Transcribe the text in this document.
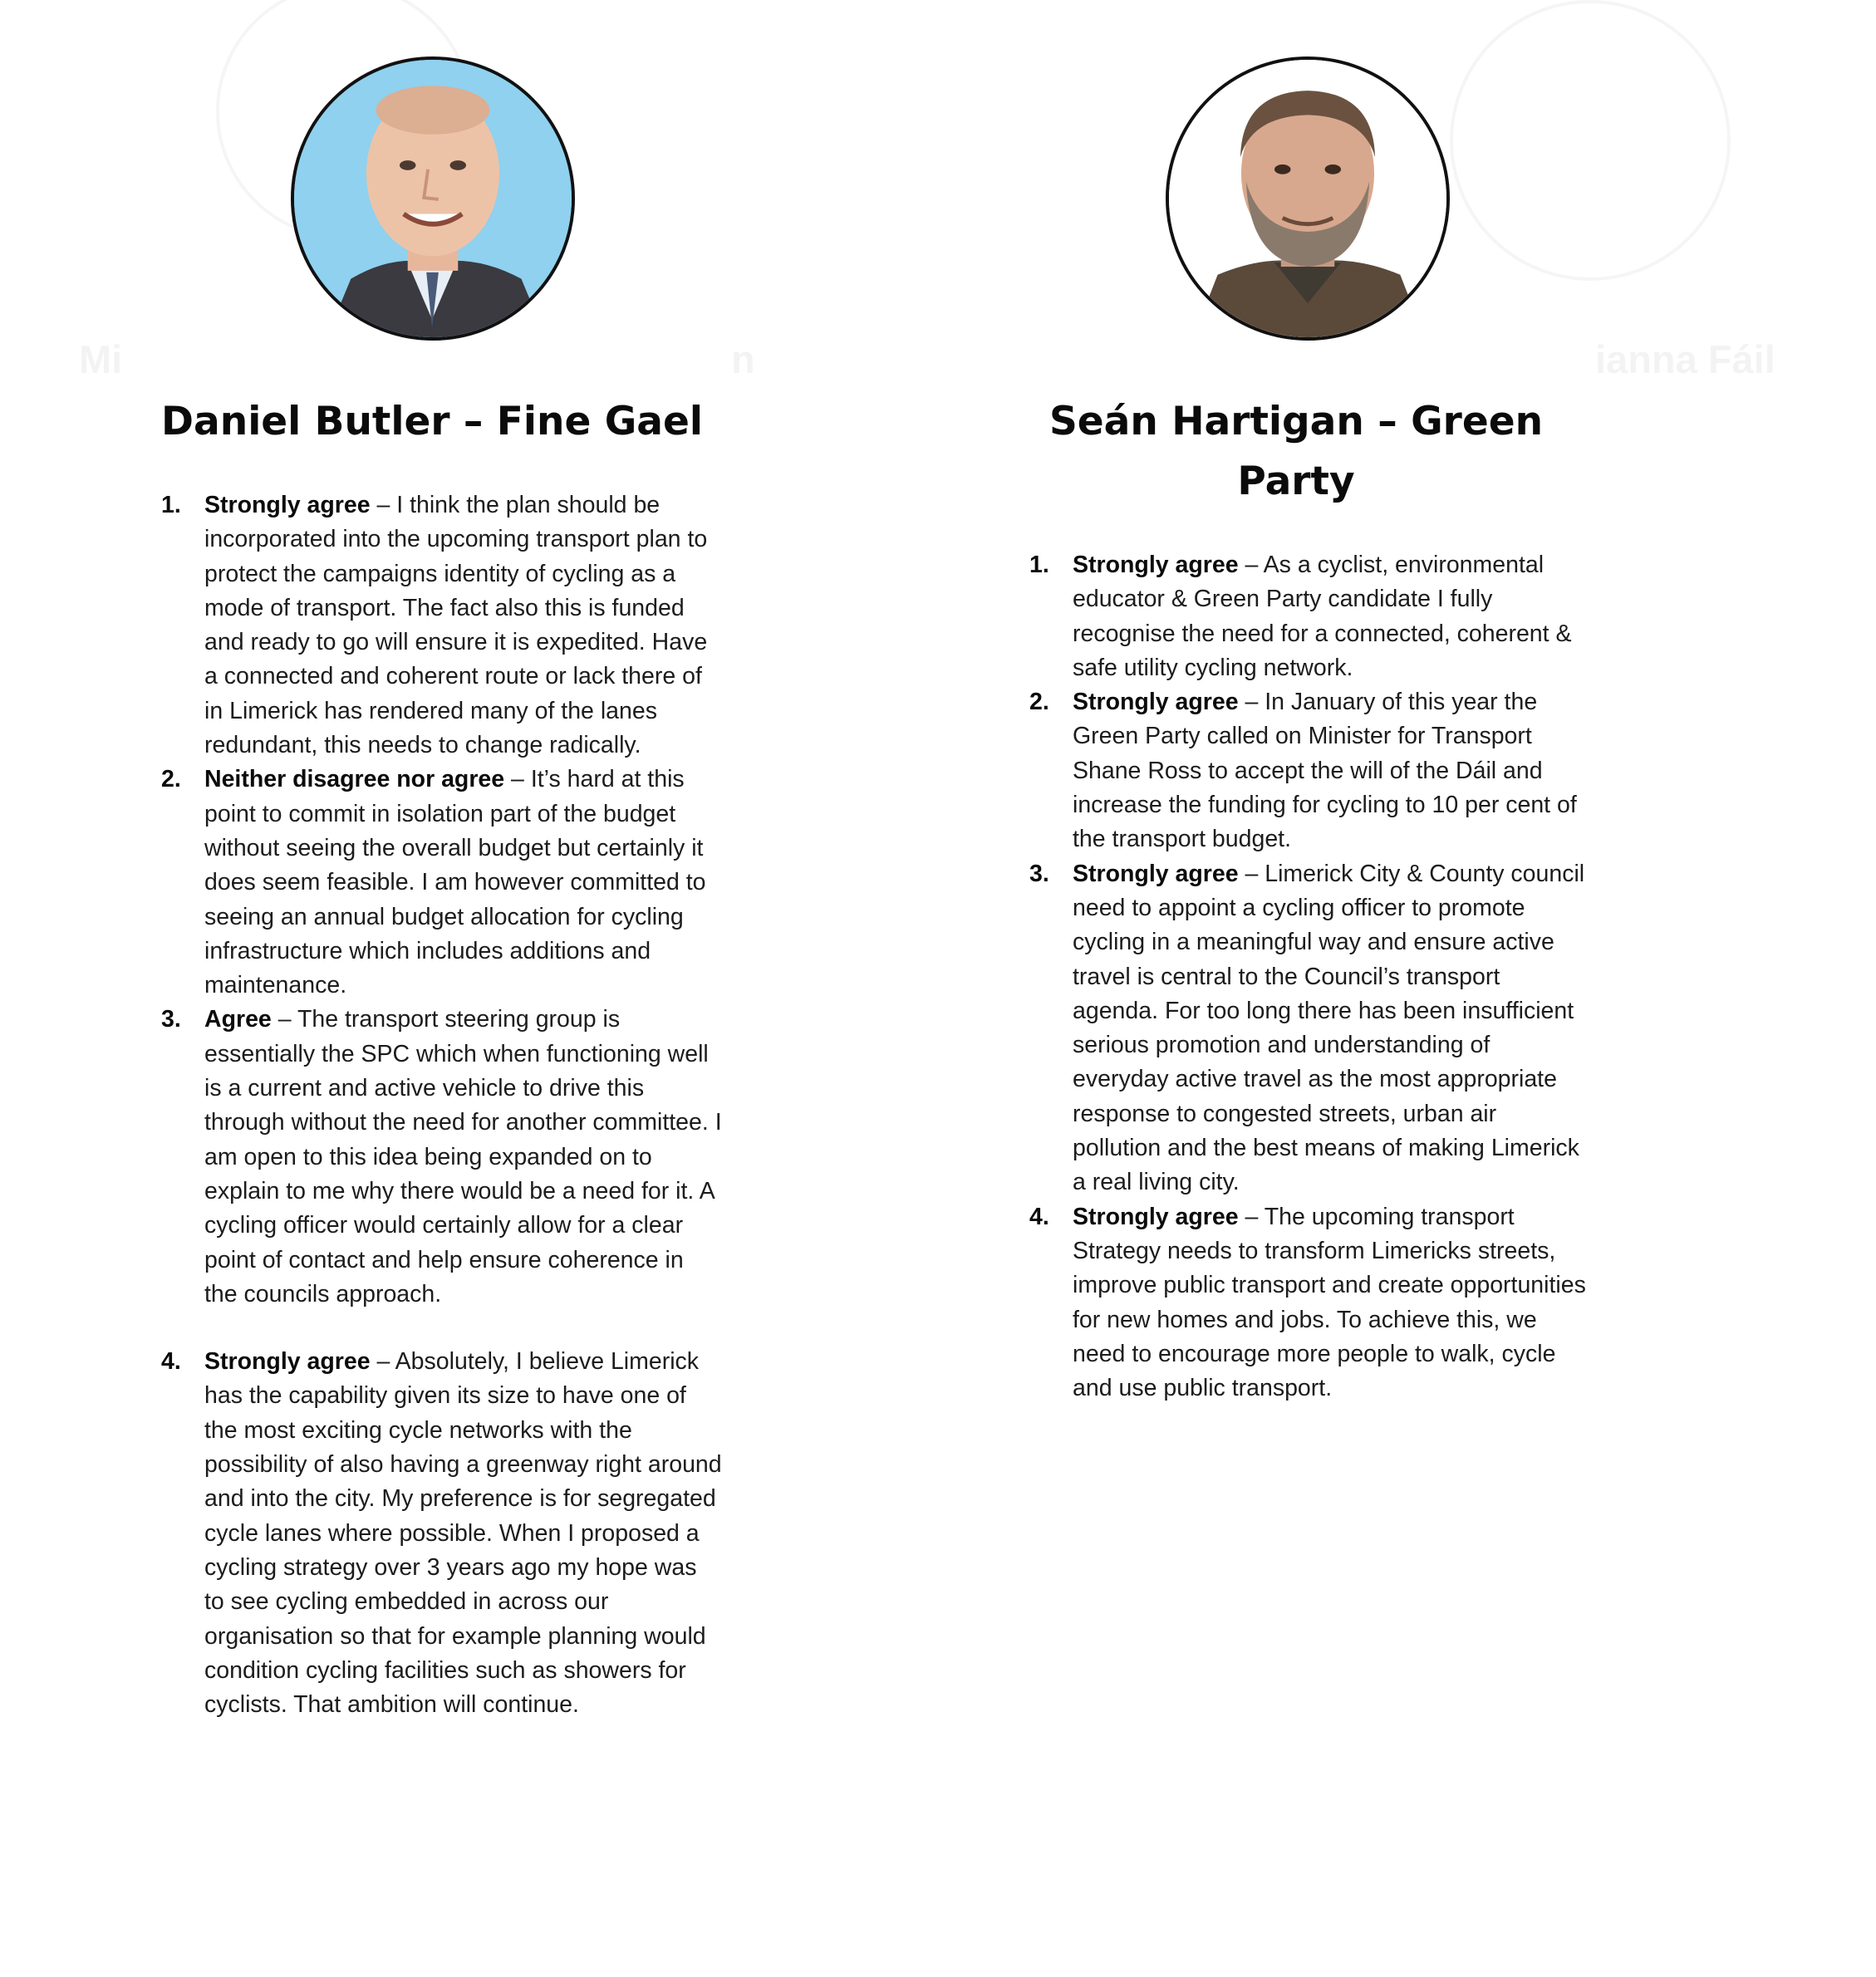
Daniel Butler – Fine Gael
1. Strongly agree – I think the plan should be incorporated into the upcoming transport plan to protect the campaigns identity of cycling as a mode of transport. The fact also this is funded and ready to go will ensure it is expedited. Have a connected and coherent route or lack there of in Limerick has rendered many of the lanes redundant, this needs to change radically.
2. Neither disagree nor agree – It’s hard at this point to commit in isolation part of the budget without seeing the overall budget but certainly it does seem feasible. I am however committed to seeing an annual budget allocation for cycling infrastructure which includes additions and maintenance.
3. Agree – The transport steering group is essentially the SPC which when functioning well is a current and active vehicle to drive this through without the need for another committee. I am open to this idea being expanded on to explain to me why there would be a need for it. A cycling officer would certainly allow for a clear point of contact and help ensure coherence in the councils approach.
4. Strongly agree – Absolutely, I believe Limerick has the capability given its size to have one of the most exciting cycle networks with the possibility of also having a greenway right around and into the city. My preference is for segregated cycle lanes where possible. When I proposed a cycling strategy over 3 years ago my hope was to see cycling embedded in across our organisation so that for example planning would condition cycling facilities such as showers for cyclists. That ambition will continue.
Seán Hartigan – Green Party
1. Strongly agree – As a cyclist, environmental educator & Green Party candidate I fully recognise the need for a connected, coherent & safe utility cycling network.
2. Strongly agree – In January of this year the Green Party called on Minister for Transport Shane Ross to accept the will of the Dáil and increase the funding for cycling to 10 per cent of the transport budget.
3. Strongly agree – Limerick City & County council need to appoint a cycling officer to promote cycling in a meaningful way and ensure active travel is central to the Council’s transport agenda. For too long there has been insufficient serious promotion and understanding of everyday active travel as the most appropriate response to congested streets, urban air pollution and the best means of making Limerick a real living city.
4. Strongly agree – The upcoming transport Strategy needs to transform Limericks streets, improve public transport and create opportunities for new homes and jobs. To achieve this, we need to encourage more people to walk, cycle and use public transport.
